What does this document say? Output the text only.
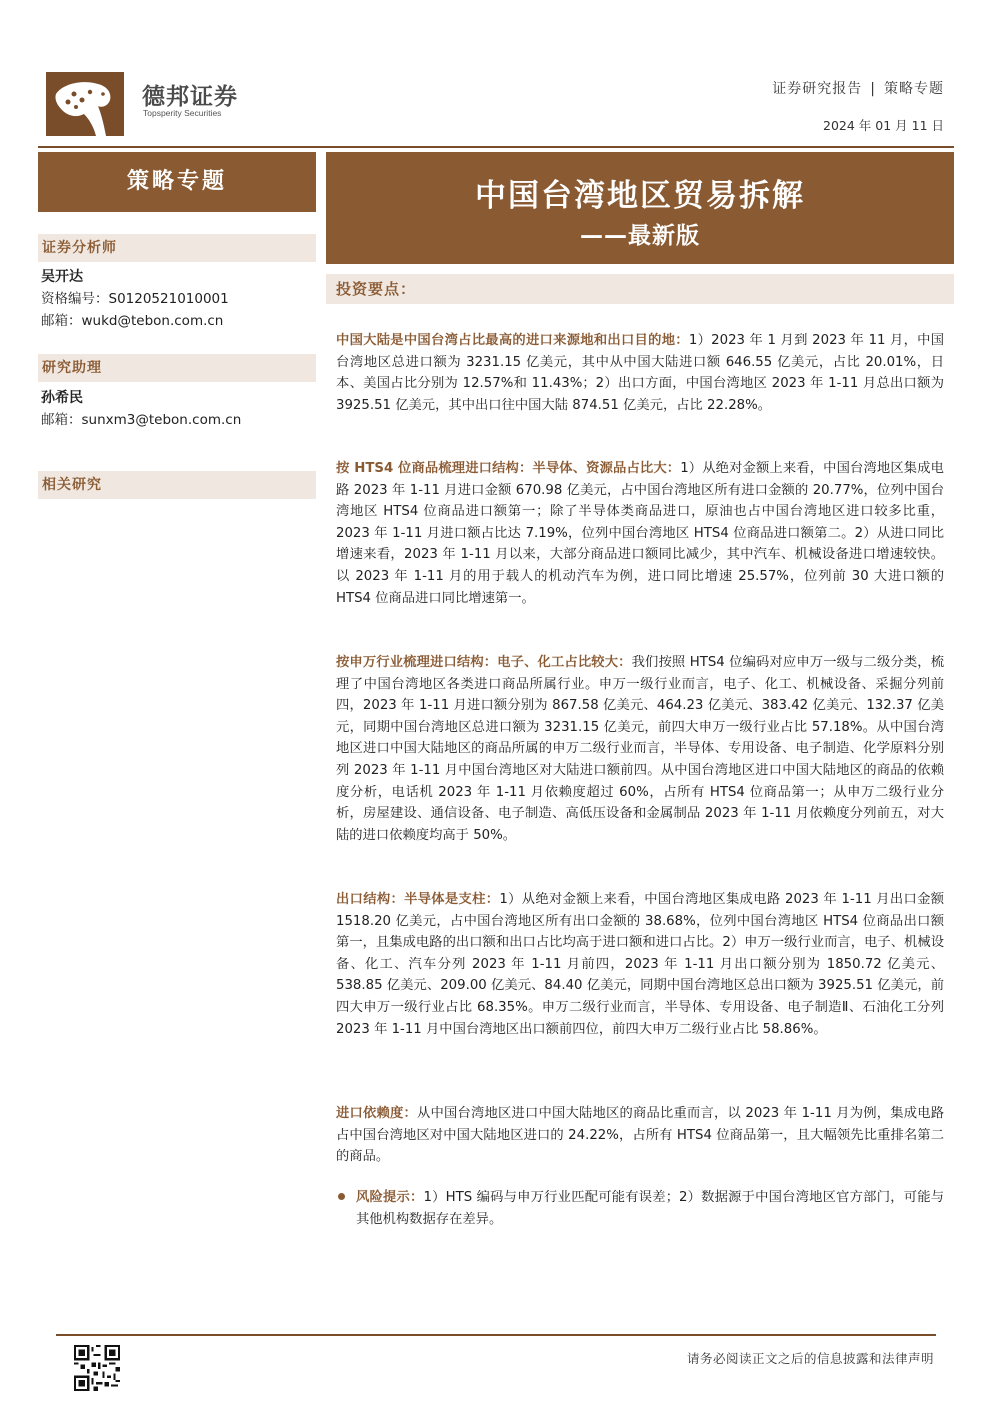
德邦证券
Topsperity Securities
证券研究报告 | 策略专题
2024 年 01 月 11 日
策略专题
证券分析师
吴开达
资格编号：S0120521010001
邮箱：wukd@tebon.com.cn
研究助理
孙希民
邮箱：sunxm3@tebon.com.cn
相关研究
中国台湾地区贸易拆解
——最新版
投资要点：
中国大陆是中国台湾占比最高的进口来源地和出口目的地：1）2023 年 1 月到 2023 年 11 月，中国台湾地区总进口额为 3231.15 亿美元，其中从中国大陆进口额 646.55 亿美元，占比 20.01%，日本、美国占比分别为 12.57%和 11.43%；2）出口方面，中国台湾地区 2023 年 1-11 月总出口额为 3925.51 亿美元，其中出口往中国大陆 874.51 亿美元，占比 22.28%。
按 HTS4 位商品梳理进口结构：半导体、资源品占比大：1）从绝对金额上来看，中国台湾地区集成电路 2023 年 1-11 月进口金额 670.98 亿美元，占中国台湾地区所有进口金额的 20.77%，位列中国台湾地区 HTS4 位商品进口额第一；除了半导体类商品进口，原油也占中国台湾地区进口较多比重，2023 年 1-11 月进口额占比达 7.19%，位列中国台湾地区 HTS4 位商品进口额第二。2）从进口同比增速来看，2023 年 1-11 月以来，大部分商品进口额同比减少，其中汽车、机械设备进口增速较快。以 2023 年 1-11 月的用于载人的机动汽车为例，进口同比增速 25.57%，位列前 30 大进口额的 HTS4 位商品进口同比增速第一。
按申万行业梳理进口结构：电子、化工占比较大：我们按照 HTS4 位编码对应申万一级与二级分类，梳理了中国台湾地区各类进口商品所属行业。申万一级行业而言，电子、化工、机械设备、采掘分列前四，2023 年 1-11 月进口额分别为 867.58 亿美元、464.23 亿美元、383.42 亿美元、132.37 亿美元，同期中国台湾地区总进口额为 3231.15 亿美元，前四大申万一级行业占比 57.18%。从中国台湾地区进口中国大陆地区的商品所属的申万二级行业而言，半导体、专用设备、电子制造、化学原料分别列 2023 年 1-11 月中国台湾地区对大陆进口额前四。从中国台湾地区进口中国大陆地区的商品的依赖度分析，电话机 2023 年 1-11 月依赖度超过 60%，占所有 HTS4 位商品第一；从申万二级行业分析，房屋建设、通信设备、电子制造、高低压设备和金属制品 2023 年 1-11 月依赖度分列前五，对大陆的进口依赖度均高于 50%。
出口结构：半导体是支柱：1）从绝对金额上来看，中国台湾地区集成电路 2023 年 1-11 月出口金额 1518.20 亿美元，占中国台湾地区所有出口金额的 38.68%，位列中国台湾地区 HTS4 位商品出口额第一，且集成电路的出口额和出口占比均高于进口额和进口占比。2）申万一级行业而言，电子、机械设备、化工、汽车分列 2023 年 1-11 月前四，2023 年 1-11 月出口额分别为 1850.72 亿美元、538.85 亿美元、209.00 亿美元、84.40 亿美元，同期中国台湾地区总出口额为 3925.51 亿美元，前四大申万一级行业占比 68.35%。申万二级行业而言，半导体、专用设备、电子制造Ⅱ、石油化工分列 2023 年 1-11 月中国台湾地区出口额前四位，前四大申万二级行业占比 58.86%。
进口依赖度：从中国台湾地区进口中国大陆地区的商品比重而言，以 2023 年 1-11 月为例，集成电路占中国台湾地区对中国大陆地区进口的 24.22%，占所有 HTS4 位商品第一，且大幅领先比重排名第二的商品。
风险提示：1）HTS 编码与申万行业匹配可能有误差；2）数据源于中国台湾地区官方部门，可能与其他机构数据存在差异。
请务必阅读正文之后的信息披露和法律声明
